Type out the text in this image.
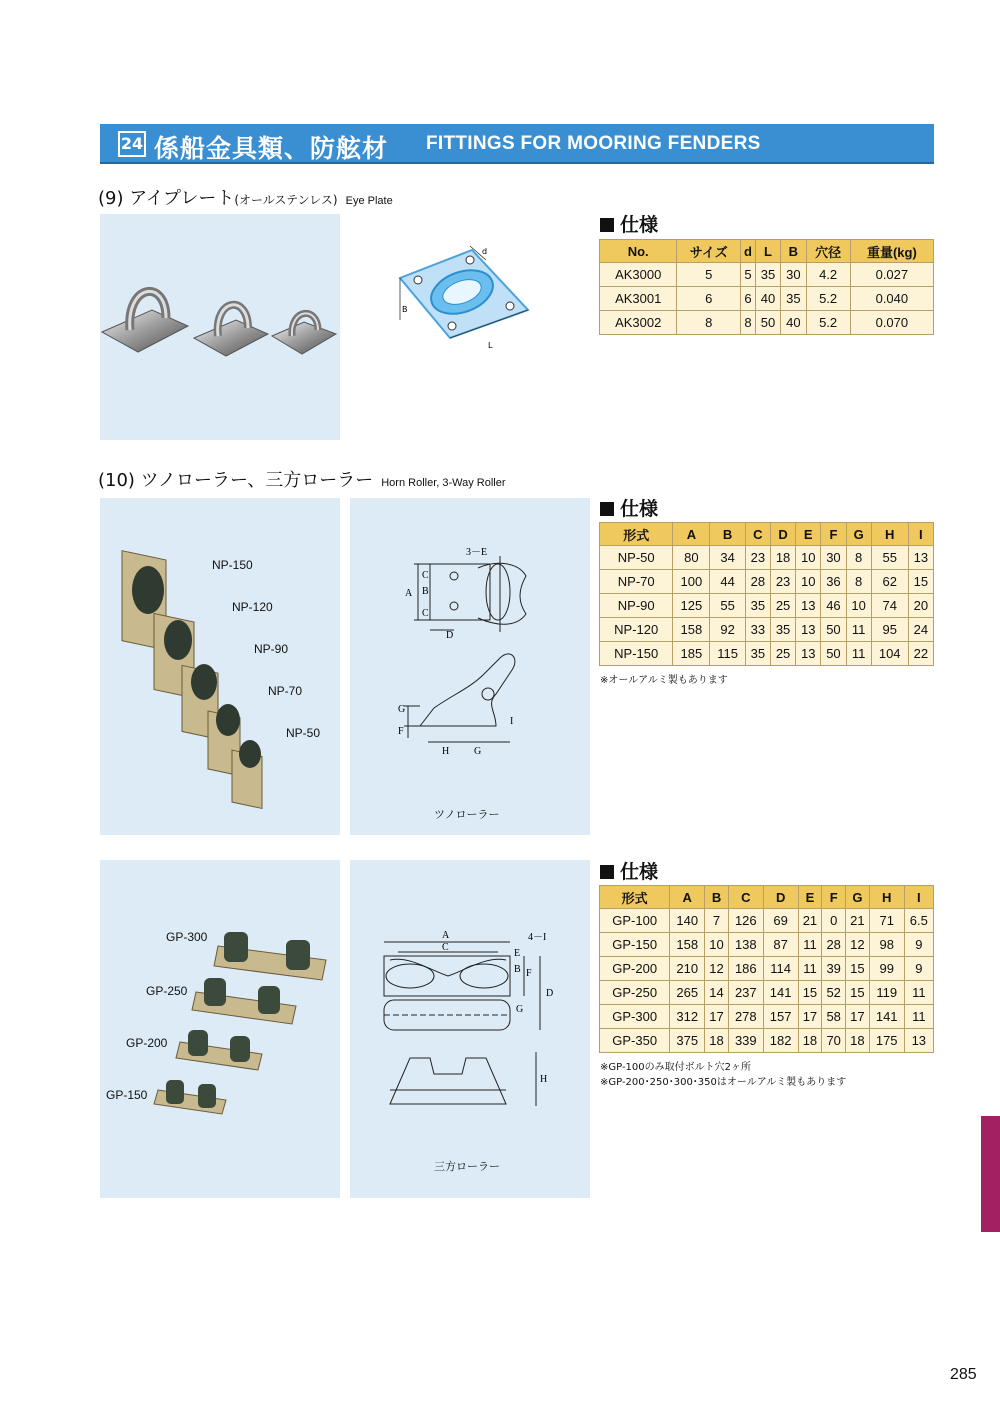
24 係船金具類、防舷材 FITTINGS FOR MOORING FENDERS
(9) アイプレート(オールステンレス) Eye Plate
d
B
L
仕様
No.	サイズ	d	L	B	穴径	重量(kg)
AK3000	5	5	35	30	4.2	0.027
AK3001	6	6	40	35	5.2	0.040
AK3002	8	8	50	40	5.2	0.070
(10) ツノローラー、三方ローラー Horn Roller, 3-Way Roller
NP-150
NP-120
NP-90
NP-70
NP-50
3－E
A B
C
C
D
G
F
I
H G
ツノローラー
仕様
形式	A	B	C	D	E	F	G	H	I
NP-50	80	34	23	18	10	30	8	55	13
NP-70	100	44	28	23	10	36	8	62	15
NP-90	125	55	35	25	13	46	10	74	20
NP-120	158	92	33	35	13	50	11	95	24
NP-150	185	115	35	25	13	50	11	104	22
※オールアルミ製もあります
GP-300
GP-250
GP-200
GP-150
A
C
4－I
F
D
B
G
E
H
三方ローラー
仕様
形式	A	B	C	D	E	F	G	H	I
GP-100	140	7	126	69	21	0	21	71	6.5
GP-150	158	10	138	87	11	28	12	98	9
GP-200	210	12	186	114	11	39	15	99	9
GP-250	265	14	237	141	15	52	15	119	11
GP-300	312	17	278	157	17	58	17	141	11
GP-350	375	18	339	182	18	70	18	175	13
※GP-100のみ取付ボルト穴2ヶ所
※GP-200･250･300･350はオールアルミ製もあります
285
